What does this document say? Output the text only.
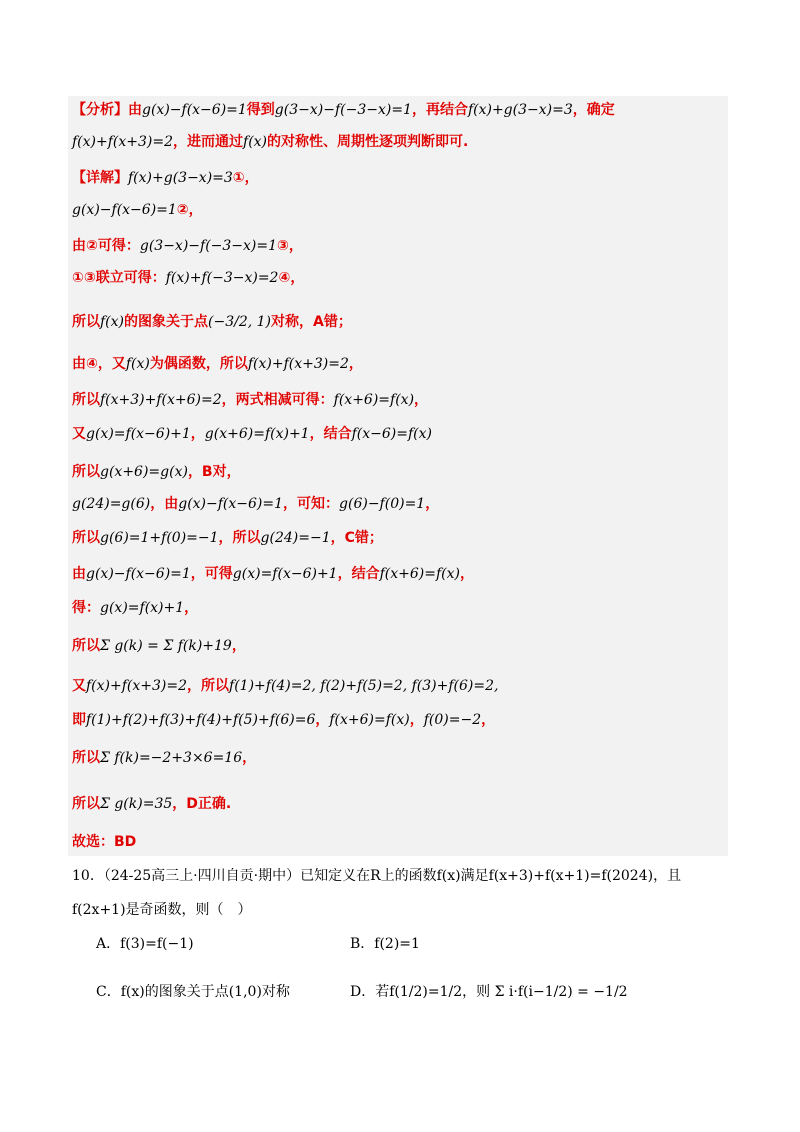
【分析】由g(x)−f(x−6)=1得到g(3−x)−f(−3−x)=1，再结合f(x)+g(3−x)=3，确定
f(x)+f(x+3)=2，进而通过f(x)的对称性、周期性逐项判断即可.
【详解】f(x)+g(3−x)=3①，
g(x)−f(x−6)=1②，
由②可得：g(3−x)−f(−3−x)=1③，
①③联立可得：f(x)+f(−3−x)=2④，
所以f(x)的图象关于点(−3/2, 1)对称，A错；
由④，又f(x)为偶函数，所以f(x)+f(x+3)=2，
所以f(x+3)+f(x+6)=2，两式相减可得：f(x+6)=f(x)，
又g(x)=f(x−6)+1，g(x+6)=f(x)+1，结合f(x−6)=f(x)
所以g(x+6)=g(x)，B对，
g(24)=g(6)，由g(x)−f(x−6)=1，可知：g(6)−f(0)=1，
所以g(6)=1+f(0)=−1，所以g(24)=−1，C错；
由g(x)−f(x−6)=1，可得g(x)=f(x−6)+1，结合f(x+6)=f(x)，
得：g(x)=f(x)+1，
所以Σ g(k) = Σ f(k)+19，
又f(x)+f(x+3)=2，所以f(1)+f(4)=2, f(2)+f(5)=2, f(3)+f(6)=2,
即f(1)+f(2)+f(3)+f(4)+f(5)+f(6)=6，f(x+6)=f(x)，f(0)=−2，
所以Σ f(k)=−2+3×6=16，
所以Σ g(k)=35，D正确.
故选：BD
10．（24-25高三上·四川自贡·期中）已知定义在R上的函数f(x)满足f(x+3)+f(x+1)=f(2024)，且
f(2x+1)是奇函数，则（　）
A．f(3)=f(−1)	B．f(2)=1
C．f(x)的图象关于点(1,0)对称	D．若f(1/2)=1/2，则 Σ i·f(i−1/2) = −1/2
